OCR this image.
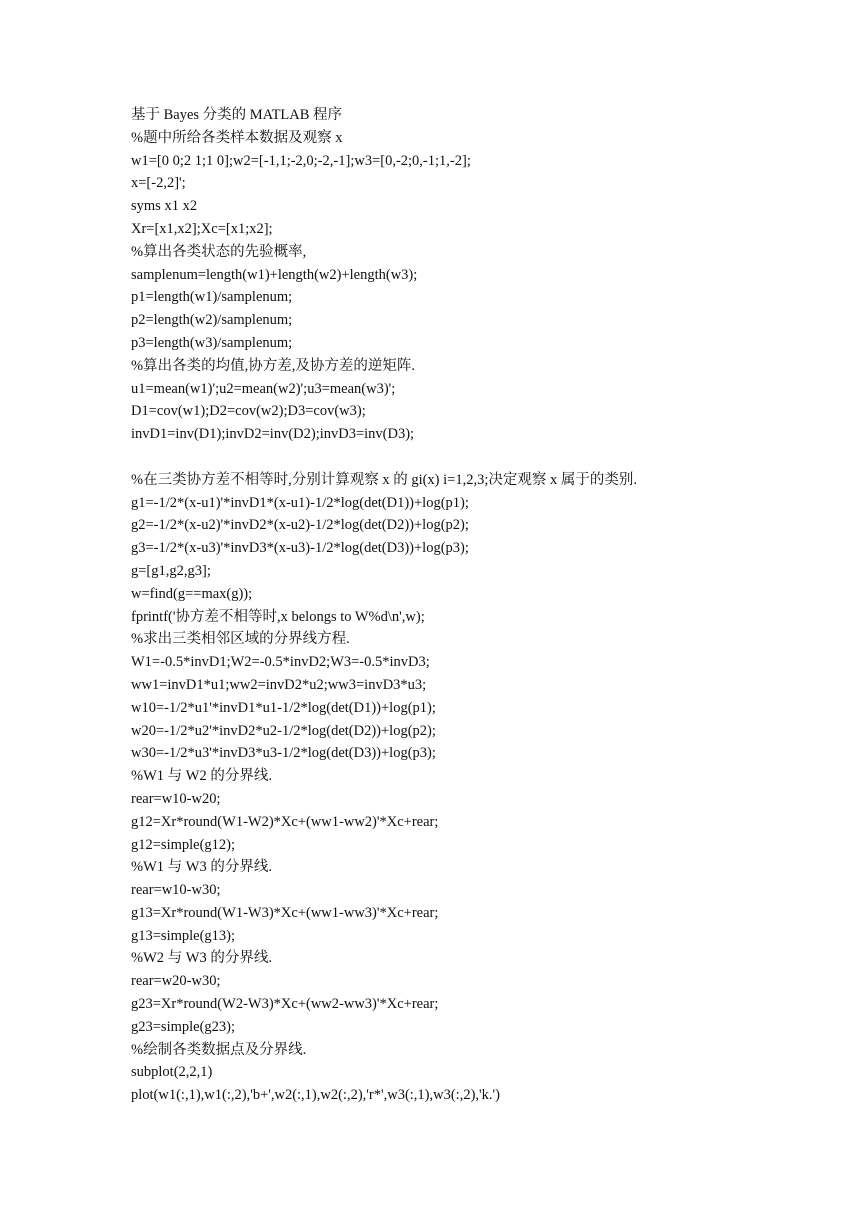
基于 Bayes 分类的 MATLAB 程序
%题中所给各类样本数据及观察 x
w1=[0 0;2 1;1 0];w2=[-1,1;-2,0;-2,-1];w3=[0,-2;0,-1;1,-2];
x=[-2,2]';
syms x1 x2
Xr=[x1,x2];Xc=[x1;x2];
%算出各类状态的先验概率,
samplenum=length(w1)+length(w2)+length(w3);
p1=length(w1)/samplenum;
p2=length(w2)/samplenum;
p3=length(w3)/samplenum;
%算出各类的均值,协方差,及协方差的逆矩阵.
u1=mean(w1)';u2=mean(w2)';u3=mean(w3)';
D1=cov(w1);D2=cov(w2);D3=cov(w3);
invD1=inv(D1);invD2=inv(D2);invD3=inv(D3);
%在三类协方差不相等时,分别计算观察 x 的 gi(x) i=1,2,3;决定观察 x 属于的类别.
g1=-1/2*(x-u1)'*invD1*(x-u1)-1/2*log(det(D1))+log(p1);
g2=-1/2*(x-u2)'*invD2*(x-u2)-1/2*log(det(D2))+log(p2);
g3=-1/2*(x-u3)'*invD3*(x-u3)-1/2*log(det(D3))+log(p3);
g=[g1,g2,g3];
w=find(g==max(g));
fprintf('协方差不相等时,x belongs to W%d\n',w);
%求出三类相邻区域的分界线方程.
W1=-0.5*invD1;W2=-0.5*invD2;W3=-0.5*invD3;
ww1=invD1*u1;ww2=invD2*u2;ww3=invD3*u3;
w10=-1/2*u1'*invD1*u1-1/2*log(det(D1))+log(p1);
w20=-1/2*u2'*invD2*u2-1/2*log(det(D2))+log(p2);
w30=-1/2*u3'*invD3*u3-1/2*log(det(D3))+log(p3);
%W1 与 W2 的分界线.
rear=w10-w20;
g12=Xr*round(W1-W2)*Xc+(ww1-ww2)'*Xc+rear;
g12=simple(g12);
%W1 与 W3 的分界线.
rear=w10-w30;
g13=Xr*round(W1-W3)*Xc+(ww1-ww3)'*Xc+rear;
g13=simple(g13);
%W2 与 W3 的分界线.
rear=w20-w30;
g23=Xr*round(W2-W3)*Xc+(ww2-ww3)'*Xc+rear;
g23=simple(g23);
%绘制各类数据点及分界线.
subplot(2,2,1)
plot(w1(:,1),w1(:,2),'b+',w2(:,1),w2(:,2),'r*',w3(:,1),w3(:,2),'k.')
